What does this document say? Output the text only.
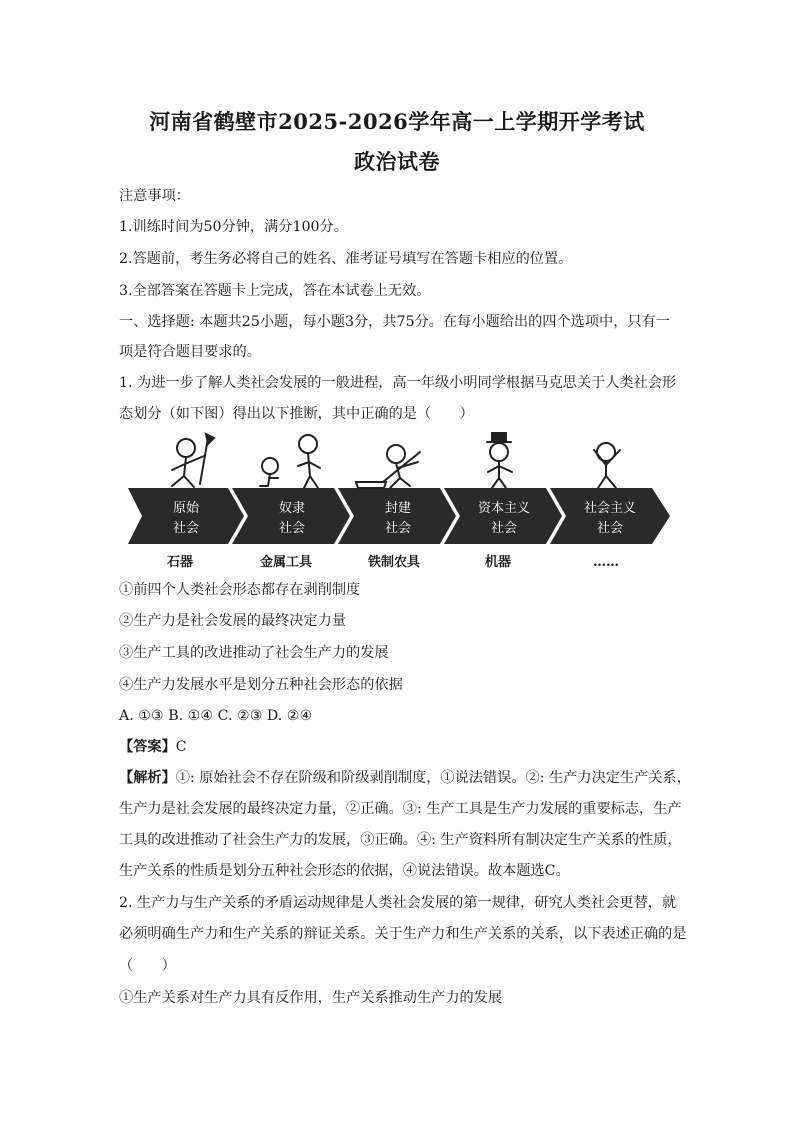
河南省鹤壁市2025-2026学年高一上学期开学考试
政治试卷
注意事项：
1.训练时间为50分钟，满分100分。
2.答题前，考生务必将自己的姓名、准考证号填写在答题卡相应的位置。
3.全部答案在答题卡上完成，答在本试卷上无效。
一、选择题: 本题共25小题，每小题3分，共75分。在每小题给出的四个选项中，只有一
项是符合题目要求的。
1. 为进一步了解人类社会发展的一般进程，高一年级小明同学根据马克思关于人类社会形
态划分（如下图）得出以下推断，其中正确的是（　　）
原始
社会
奴隶
社会
封建
社会
资本主义
社会
社会主义
社会
石器	金属工具	铁制农具	机器	……
①前四个人类社会形态都存在剥削制度
②生产力是社会发展的最终决定力量
③生产工具的改进推动了社会生产力的发展
④生产力发展水平是划分五种社会形态的依据
A. ①③ B. ①④ C. ②③ D. ②④
【答案】C
【解析】①: 原始社会不存在阶级和阶级剥削制度，①说法错误。②: 生产力决定生产关系，
生产力是社会发展的最终决定力量，②正确。③: 生产工具是生产力发展的重要标志，生产
工具的改进推动了社会生产力的发展，③正确。④: 生产资料所有制决定生产关系的性质，
生产关系的性质是划分五种社会形态的依据，④说法错误。故本题选C。
2. 生产力与生产关系的矛盾运动规律是人类社会发展的第一规律，研究人类社会更替，就
必须明确生产力和生产关系的辩证关系。关于生产力和生产关系的关系，以下表述正确的是
（　　）
①生产关系对生产力具有反作用，生产关系推动生产力的发展
